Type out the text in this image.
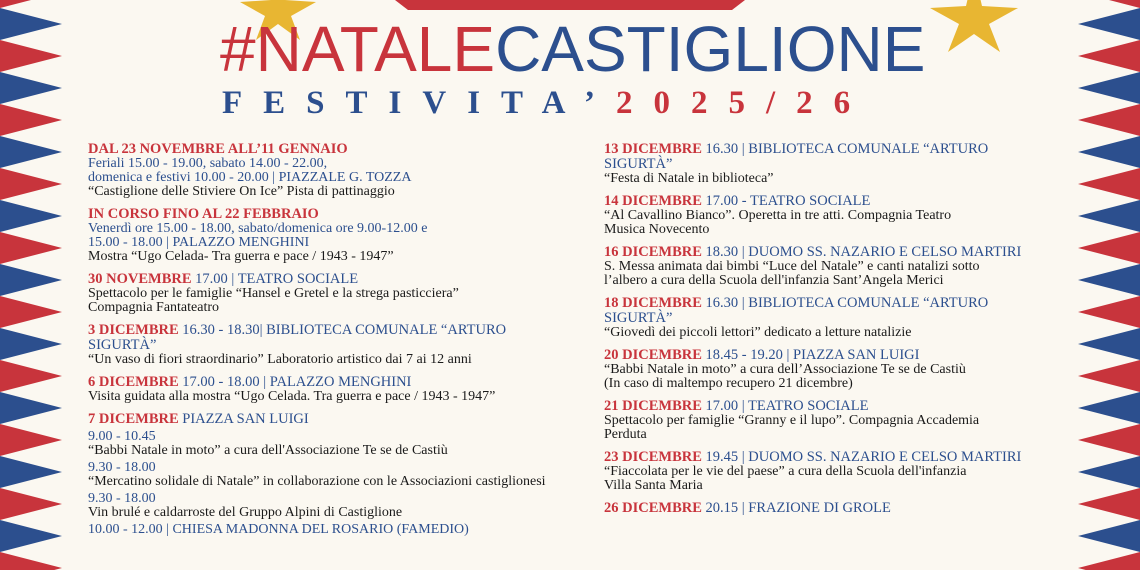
#NATALECASTIGLIONE
FESTIVITA’2025/26
DAL 23 NOVEMBRE ALL’11 GENNAIO
Feriali 15.00 - 19.00, sabato 14.00 - 22.00,
domenica e festivi 10.00 - 20.00 | PIAZZALE G. TOZZA
“Castiglione delle Stiviere On Ice” Pista di pattinaggio
IN CORSO FINO AL 22 FEBBRAIO
Venerdì ore 15.00 - 18.00, sabato/domenica ore 9.00-12.00 e
15.00 - 18.00 | PALAZZO MENGHINI
Mostra “Ugo Celada- Tra guerra e pace / 1943 - 1947”
30 NOVEMBRE 17.00 | TEATRO SOCIALE
Spettacolo per le famiglie “Hansel e Gretel e la strega pasticciera”
Compagnia Fantateatro
3 DICEMBRE 16.30 - 18.30| BIBLIOTECA COMUNALE “ARTURO SIGURTÀ”
“Un vaso di fiori straordinario” Laboratorio artistico dai 7 ai 12 anni
6 DICEMBRE 17.00 - 18.00 | PALAZZO MENGHINI
Visita guidata alla mostra “Ugo Celada. Tra guerra e pace / 1943 - 1947”
7 DICEMBRE PIAZZA SAN LUIGI
9.00 - 10.45
“Babbi Natale in moto” a cura dell'Associazione Te se de Castiù
9.30 - 18.00
“Mercatino solidale di Natale” in collaborazione con le Associazioni castiglionesi
9.30 - 18.00
Vin brulé e caldarroste del Gruppo Alpini di Castiglione
10.00 - 12.00 | CHIESA MADONNA DEL ROSARIO (FAMEDIO)
13 DICEMBRE 16.30 | BIBLIOTECA COMUNALE “ARTURO SIGURTÀ”
“Festa di Natale in biblioteca”
14 DICEMBRE 17.00 - TEATRO SOCIALE
“Al Cavallino Bianco”. Operetta in tre atti. Compagnia Teatro
Musica Novecento
16 DICEMBRE 18.30 | DUOMO SS. NAZARIO E CELSO MARTIRI
S. Messa animata dai bimbi “Luce del Natale” e canti natalizi sotto
l’albero a cura della Scuola dell'infanzia Sant’Angela Merici
18 DICEMBRE 16.30 | BIBLIOTECA COMUNALE “ARTURO SIGURTÀ”
“Giovedì dei piccoli lettori” dedicato a letture natalizie
20 DICEMBRE 18.45 - 19.20 | PIAZZA SAN LUIGI
“Babbi Natale in moto” a cura dell’Associazione Te se de Castiù
(In caso di maltempo recupero 21 dicembre)
21 DICEMBRE 17.00 | TEATRO SOCIALE
Spettacolo per famiglie “Granny e il lupo”. Compagnia Accademia
Perduta
23 DICEMBRE 19.45 | DUOMO SS. NAZARIO E CELSO MARTIRI
“Fiaccolata per le vie del paese” a cura della Scuola dell'infanzia
Villa Santa Maria
26 DICEMBRE 20.15 | FRAZIONE DI GROLE
